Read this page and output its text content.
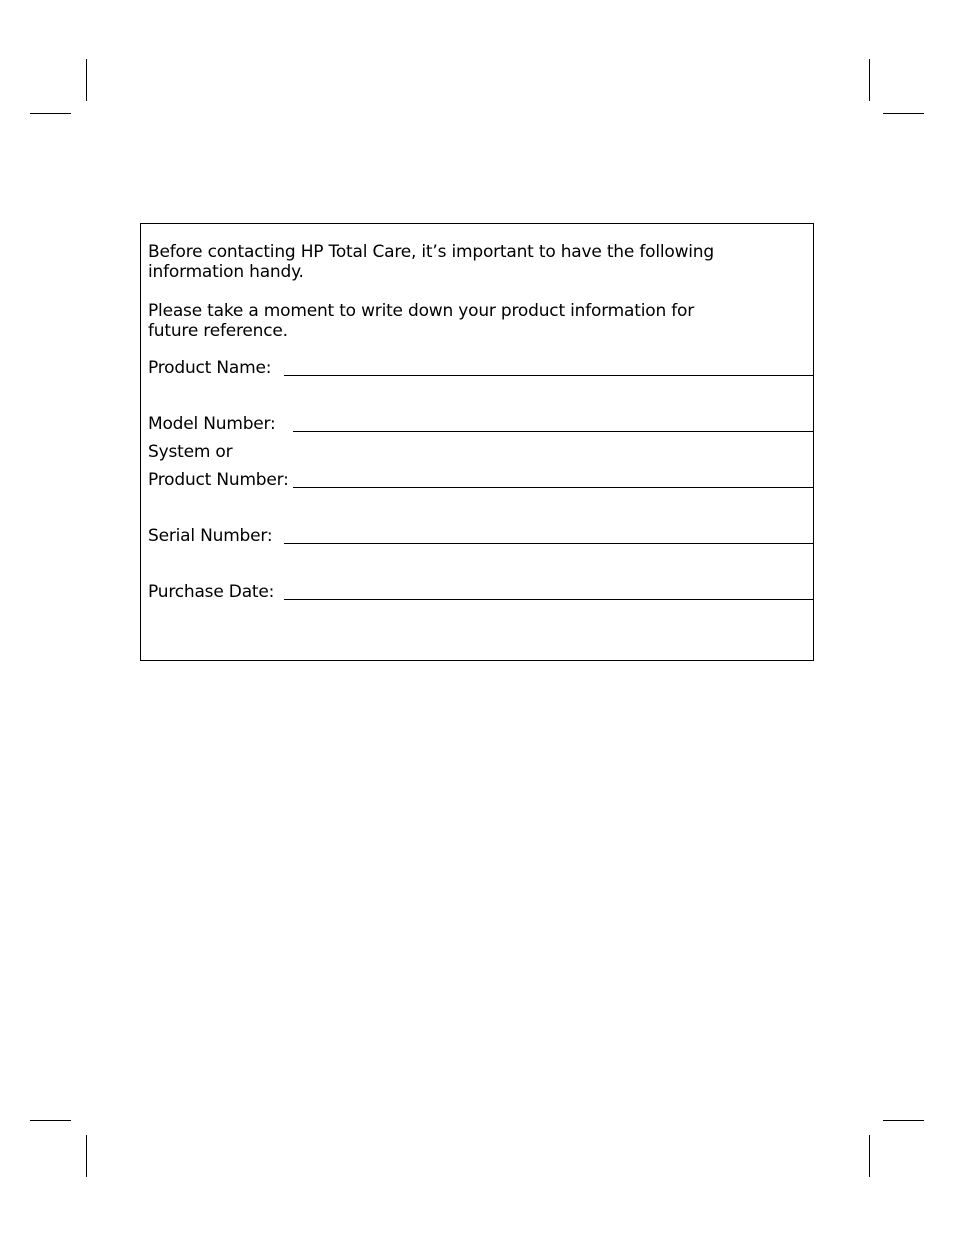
Before contacting HP Total Care, it’s important to have the following information handy.

Please take a moment to write down your product information for future reference.

Product Name:
Model Number:
System or
Product Number:
Serial Number:
Purchase Date:
